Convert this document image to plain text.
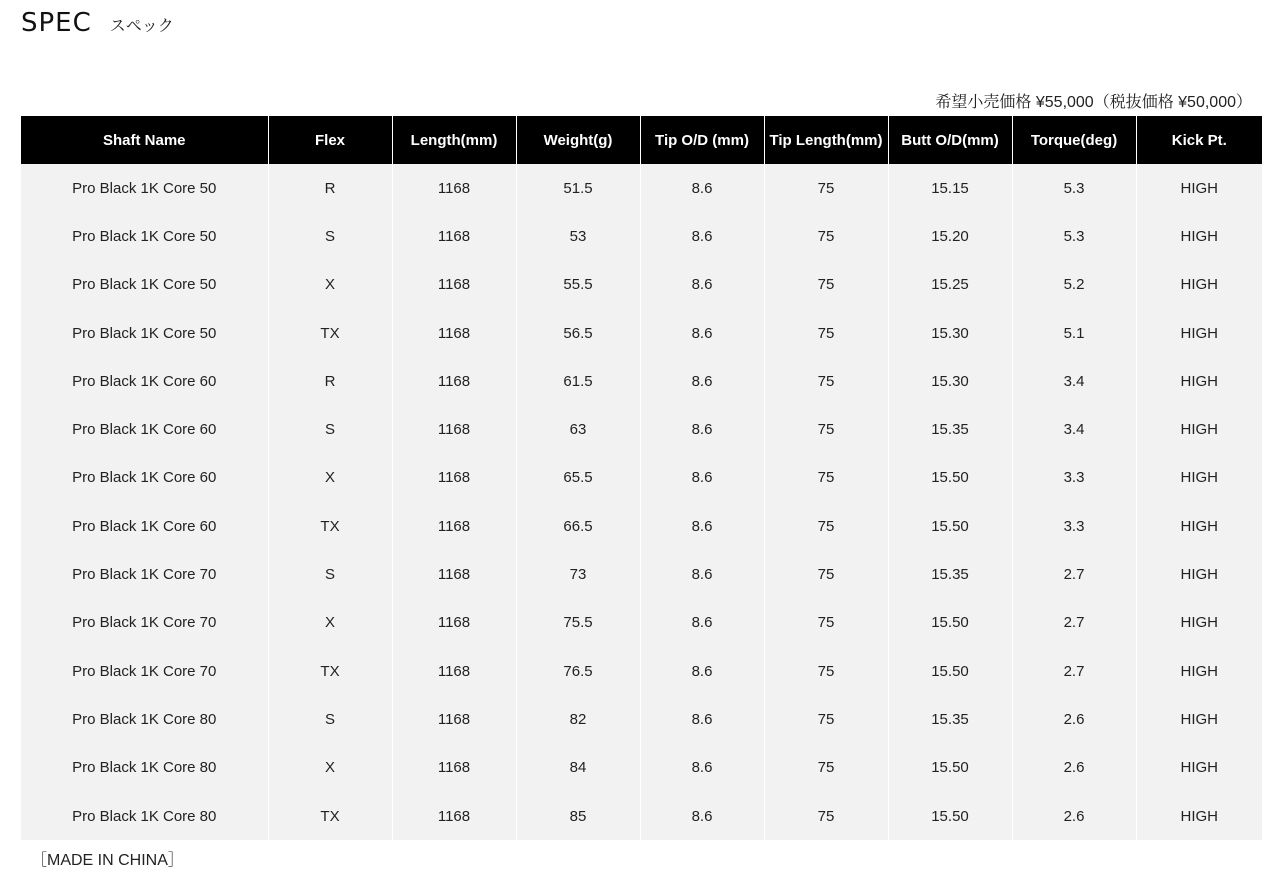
SPEC スペック
希望小売価格 ¥55,000（税抜価格 ¥50,000）
Shaft Name	Flex	Length(mm)	Weight(g)	Tip O/D (mm)	Tip Length(mm)	Butt O/D(mm)	Torque(deg)	Kick Pt.
Pro Black 1K Core 50	R	1168	51.5	8.6	75	15.15	5.3	HIGH
Pro Black 1K Core 50	S	1168	53	8.6	75	15.20	5.3	HIGH
Pro Black 1K Core 50	X	1168	55.5	8.6	75	15.25	5.2	HIGH
Pro Black 1K Core 50	TX	1168	56.5	8.6	75	15.30	5.1	HIGH
Pro Black 1K Core 60	R	1168	61.5	8.6	75	15.30	3.4	HIGH
Pro Black 1K Core 60	S	1168	63	8.6	75	15.35	3.4	HIGH
Pro Black 1K Core 60	X	1168	65.5	8.6	75	15.50	3.3	HIGH
Pro Black 1K Core 60	TX	1168	66.5	8.6	75	15.50	3.3	HIGH
Pro Black 1K Core 70	S	1168	73	8.6	75	15.35	2.7	HIGH
Pro Black 1K Core 70	X	1168	75.5	8.6	75	15.50	2.7	HIGH
Pro Black 1K Core 70	TX	1168	76.5	8.6	75	15.50	2.7	HIGH
Pro Black 1K Core 80	S	1168	82	8.6	75	15.35	2.6	HIGH
Pro Black 1K Core 80	X	1168	84	8.6	75	15.50	2.6	HIGH
Pro Black 1K Core 80	TX	1168	85	8.6	75	15.50	2.6	HIGH
［MADE IN CHINA］
